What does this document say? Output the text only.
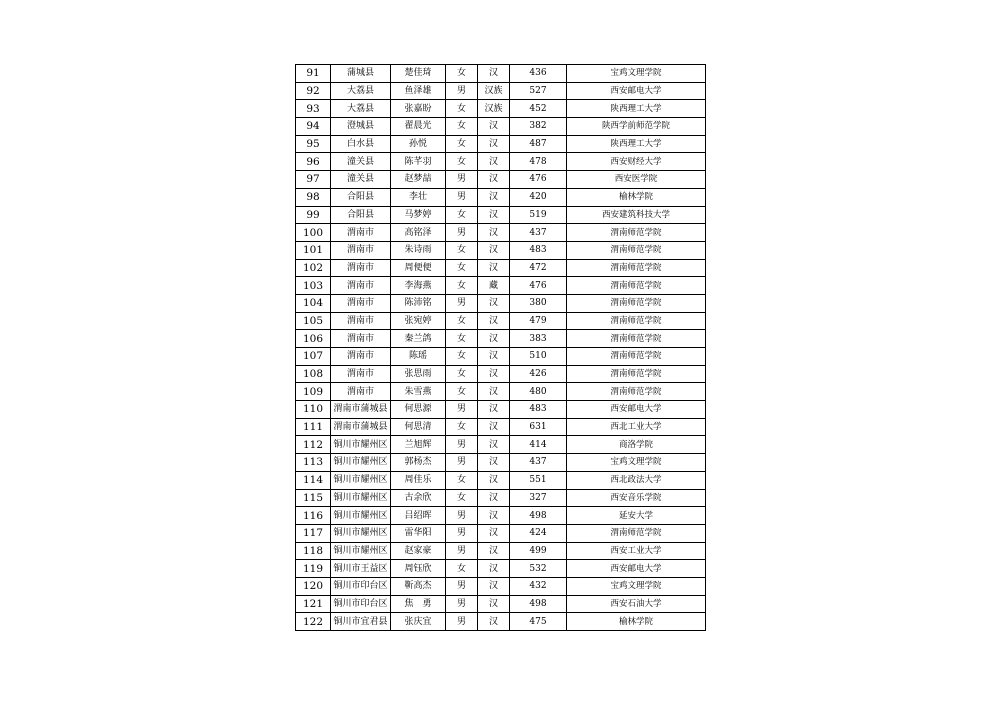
91	蒲城县	楚佳琦	女	汉	436	宝鸡文理学院
92	大荔县	鱼泽雄	男	汉族	527	西安邮电大学
93	大荔县	张嘉盼	女	汉族	452	陕西理工大学
94	澄城县	翟晨光	女	汉	382	陕西学前师范学院
95	白水县	孙悦	女	汉	487	陕西理工大学
96	潼关县	陈芊羽	女	汉	478	西安财经大学
97	潼关县	赵梦喆	男	汉	476	西安医学院
98	合阳县	李壮	男	汉	420	榆林学院
99	合阳县	马梦婷	女	汉	519	西安建筑科技大学
100	渭南市	高铭泽	男	汉	437	渭南师范学院
101	渭南市	朱诗雨	女	汉	483	渭南师范学院
102	渭南市	周便便	女	汉	472	渭南师范学院
103	渭南市	李海燕	女	藏	476	渭南师范学院
104	渭南市	陈沛铭	男	汉	380	渭南师范学院
105	渭南市	张宛婷	女	汉	479	渭南师范学院
106	渭南市	秦兰鸽	女	汉	383	渭南师范学院
107	渭南市	陈瑶	女	汉	510	渭南师范学院
108	渭南市	张思雨	女	汉	426	渭南师范学院
109	渭南市	朱雪燕	女	汉	480	渭南师范学院
110	渭南市蒲城县	何思源	男	汉	483	西安邮电大学
111	渭南市蒲城县	何思清	女	汉	631	西北工业大学
112	铜川市耀州区	兰旭辉	男	汉	414	商洛学院
113	铜川市耀州区	郭杨杰	男	汉	437	宝鸡文理学院
114	铜川市耀州区	周佳乐	女	汉	551	西北政法大学
115	铜川市耀州区	古余欣	女	汉	327	西安音乐学院
116	铜川市耀州区	吕绍晖	男	汉	498	延安大学
117	铜川市耀州区	雷华阳	男	汉	424	渭南师范学院
118	铜川市耀州区	赵家豪	男	汉	499	西安工业大学
119	铜川市王益区	周钰欣	女	汉	532	西安邮电大学
120	铜川市印台区	靳高杰	男	汉	432	宝鸡文理学院
121	铜川市印台区	焦　勇	男	汉	498	西安石油大学
122	铜川市宜君县	张庆宜	男	汉	475	榆林学院
